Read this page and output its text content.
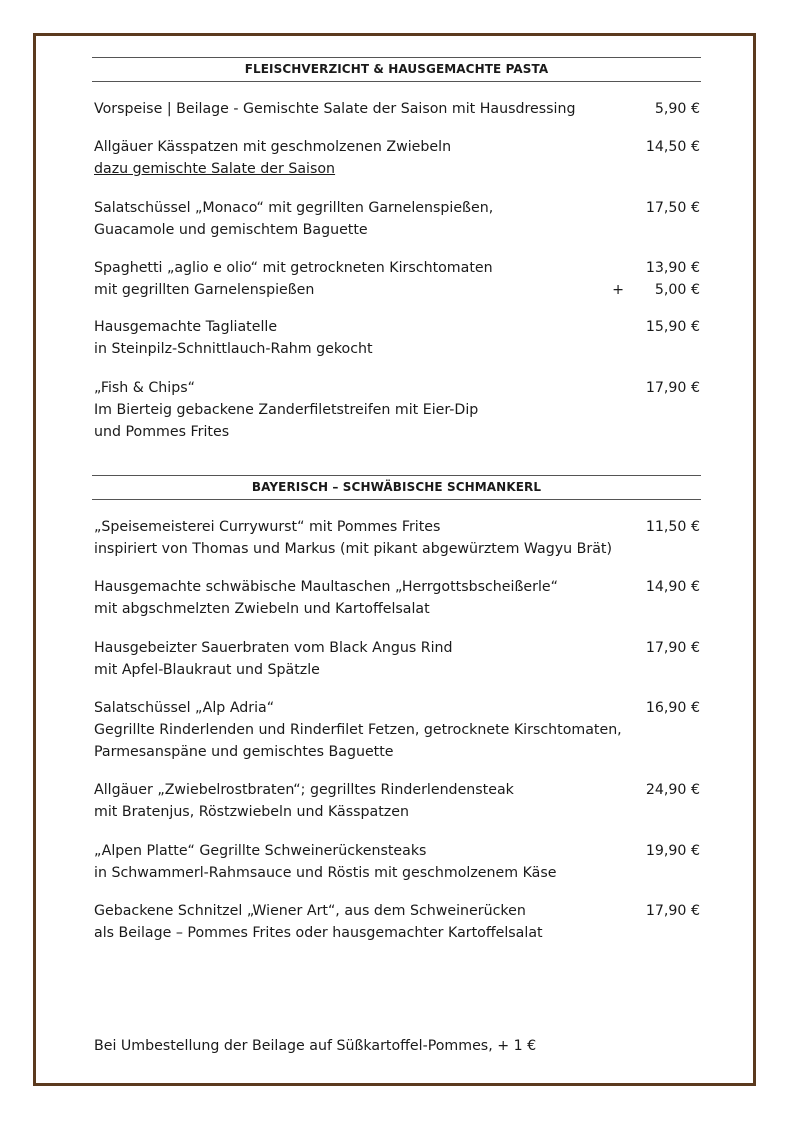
FLEISCHVERZICHT & HAUSGEMACHTE PASTA
Vorspeise | Beilage - Gemischte Salate der Saison mit Hausdressing	5,90 €
Allgäuer Kässpatzen mit geschmolzenen Zwiebeln	14,50 €
dazu gemischte Salate der Saison
Salatschüssel „Monaco“ mit gegrillten Garnelenspießen,	17,50 €
Guacamole und gemischtem Baguette
Spaghetti „aglio e olio“ mit getrockneten Kirschtomaten	13,90 €
mit gegrillten Garnelenspießen	+ 5,00 €
Hausgemachte Tagliatelle	15,90 €
in Steinpilz-Schnittlauch-Rahm gekocht
„Fish & Chips“	17,90 €
Im Bierteig gebackene Zanderfiletstreifen mit Eier-Dip
und Pommes Frites
BAYERISCH – SCHWÄBISCHE SCHMANKERL
„Speisemeisterei Currywurst“ mit Pommes Frites	11,50 €
inspiriert von Thomas und Markus (mit pikant abgewürztem Wagyu Brät)
Hausgemachte schwäbische Maultaschen „Herrgottsbscheißerle“	14,90 €
mit abgschmelzten Zwiebeln und Kartoffelsalat
Hausgebeizter Sauerbraten vom Black Angus Rind	17,90 €
mit Apfel-Blaukraut und Spätzle
Salatschüssel „Alp Adria“	16,90 €
Gegrillte Rinderlenden und Rinderfilet Fetzen, getrocknete Kirschtomaten,
Parmesanspäne und gemischtes Baguette
Allgäuer „Zwiebelrostbraten“; gegrilltes Rinderlendensteak	24,90 €
mit Bratenjus, Röstzwiebeln und Kässpatzen
„Alpen Platte“ Gegrillte Schweinerückensteaks	19,90 €
in Schwammerl-Rahmsauce und Röstis mit geschmolzenem Käse
Gebackene Schnitzel „Wiener Art“, aus dem Schweinerücken	17,90 €
als Beilage – Pommes Frites oder hausgemachter Kartoffelsalat
Bei Umbestellung der Beilage auf Süßkartoffel-Pommes, + 1 €
